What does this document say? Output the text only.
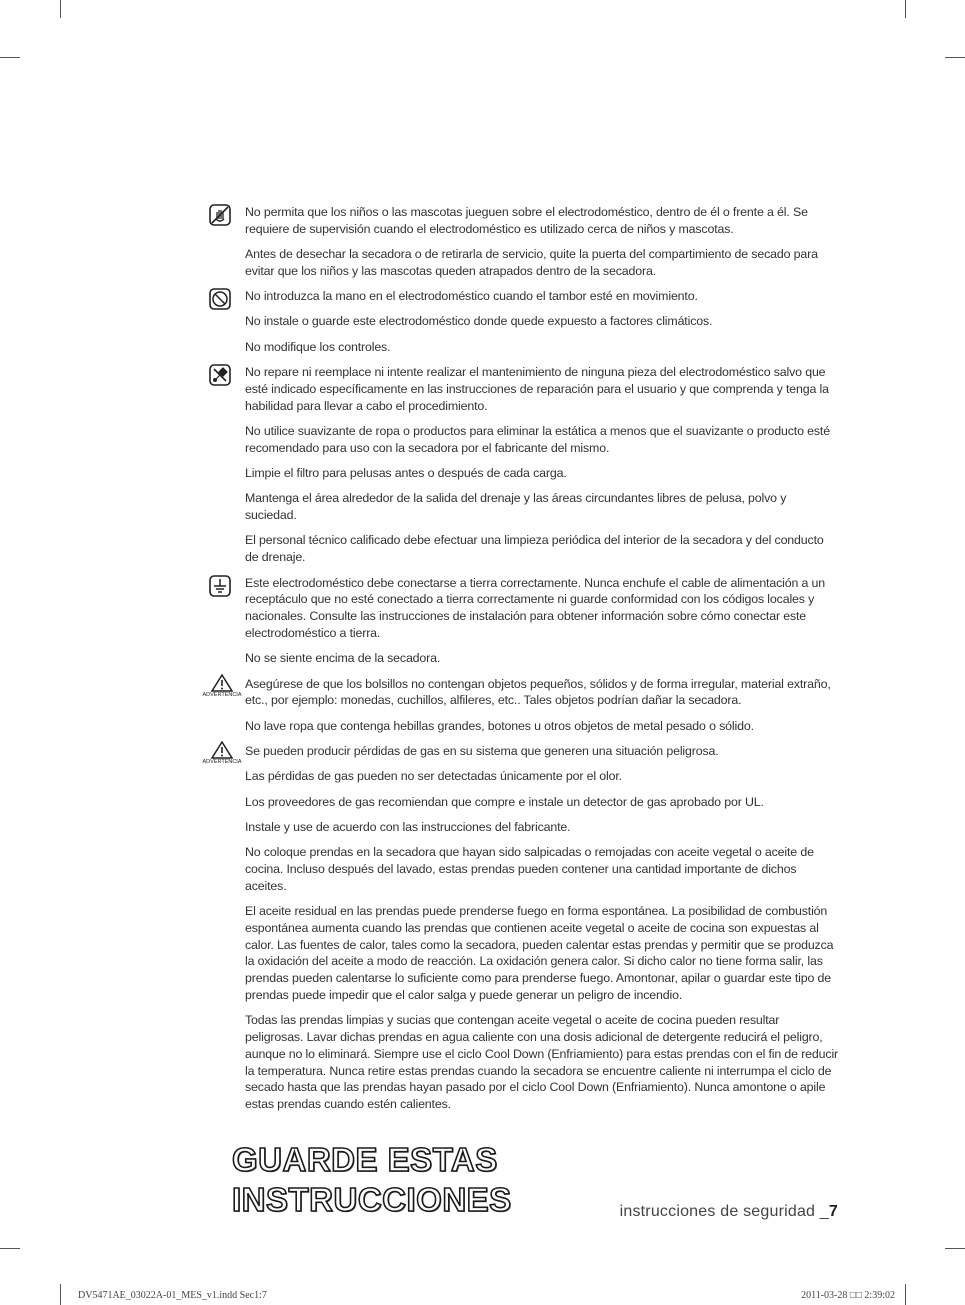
No permita que los niños o las mascotas jueguen sobre el electrodoméstico, dentro de él o frente a él. Se requiere de supervisión cuando el electrodoméstico es utilizado cerca de niños y mascotas.
Antes de desechar la secadora o de retirarla de servicio, quite la puerta del compartimiento de secado para evitar que los niños y las mascotas queden atrapados dentro de la secadora.
No introduzca la mano en el electrodoméstico cuando el tambor esté en movimiento.
No instale o guarde este electrodoméstico donde quede expuesto a factores climáticos.
No modifique los controles.
No repare ni reemplace ni intente realizar el mantenimiento de ninguna pieza del electrodoméstico salvo que esté indicado específicamente en las instrucciones de reparación para el usuario y que comprenda y tenga la habilidad para llevar a cabo el procedimiento.
No utilice suavizante de ropa o productos para eliminar la estática a menos que el suavizante o producto esté recomendado para uso con la secadora por el fabricante del mismo.
Limpie el filtro para pelusas antes o después de cada carga.
Mantenga el área alrededor de la salida del drenaje y las áreas circundantes libres de pelusa, polvo y suciedad.
El personal técnico calificado debe efectuar una limpieza periódica del interior de la secadora y del conducto de drenaje.
Este electrodoméstico debe conectarse a tierra correctamente. Nunca enchufe el cable de alimentación a un receptáculo que no esté conectado a tierra correctamente ni guarde conformidad con los códigos locales y nacionales. Consulte las instrucciones de instalación para obtener información sobre cómo conectar este electrodoméstico a tierra.
No se siente encima de la secadora.
ADVERTENCIA
Asegúrese de que los bolsillos no contengan objetos pequeños, sólidos y de forma irregular, material extraño, etc., por ejemplo: monedas, cuchillos, alfileres, etc.. Tales objetos podrían dañar la secadora.
No lave ropa que contenga hebillas grandes, botones u otros objetos de metal pesado o sólido.
ADVERTENCIA
Se pueden producir pérdidas de gas en su sistema que generen una situación peligrosa.
Las pérdidas de gas pueden no ser detectadas únicamente por el olor.
Los proveedores de gas recomiendan que compre e instale un detector de gas aprobado por UL.
Instale y use de acuerdo con las instrucciones del fabricante.
No coloque prendas en la secadora que hayan sido salpicadas o remojadas con aceite vegetal o aceite de cocina. Incluso después del lavado, estas prendas pueden contener una cantidad importante de dichos aceites.
El aceite residual en las prendas puede prenderse fuego en forma espontánea. La posibilidad de combustión espontánea aumenta cuando las prendas que contienen aceite vegetal o aceite de cocina son expuestas al calor. Las fuentes de calor, tales como la secadora, pueden calentar estas prendas y permitir que se produzca la oxidación del aceite a modo de reacción. La oxidación genera calor. Si dicho calor no tiene forma salir, las prendas pueden calentarse lo suficiente como para prenderse fuego. Amontonar, apilar o guardar este tipo de prendas puede impedir que el calor salga y puede generar un peligro de incendio.
Todas las prendas limpias y sucias que contengan aceite vegetal o aceite de cocina pueden resultar peligrosas. Lavar dichas prendas en agua caliente con una dosis adicional de detergente reducirá el peligro, aunque no lo eliminará. Siempre use el ciclo Cool Down (Enfriamiento) para estas prendas con el fin de reducir la temperatura. Nunca retire estas prendas cuando la secadora se encuentre caliente ni interrumpa el ciclo de secado hasta que las prendas hayan pasado por el ciclo Cool Down (Enfriamiento). Nunca amontone o apile estas prendas cuando estén calientes.
GUARDE ESTAS INSTRUCCIONES	instrucciones de seguridad _7
DV5471AE_03022A-01_MES_v1.indd Sec1:7	2011-03-28 □□ 2:39:02
